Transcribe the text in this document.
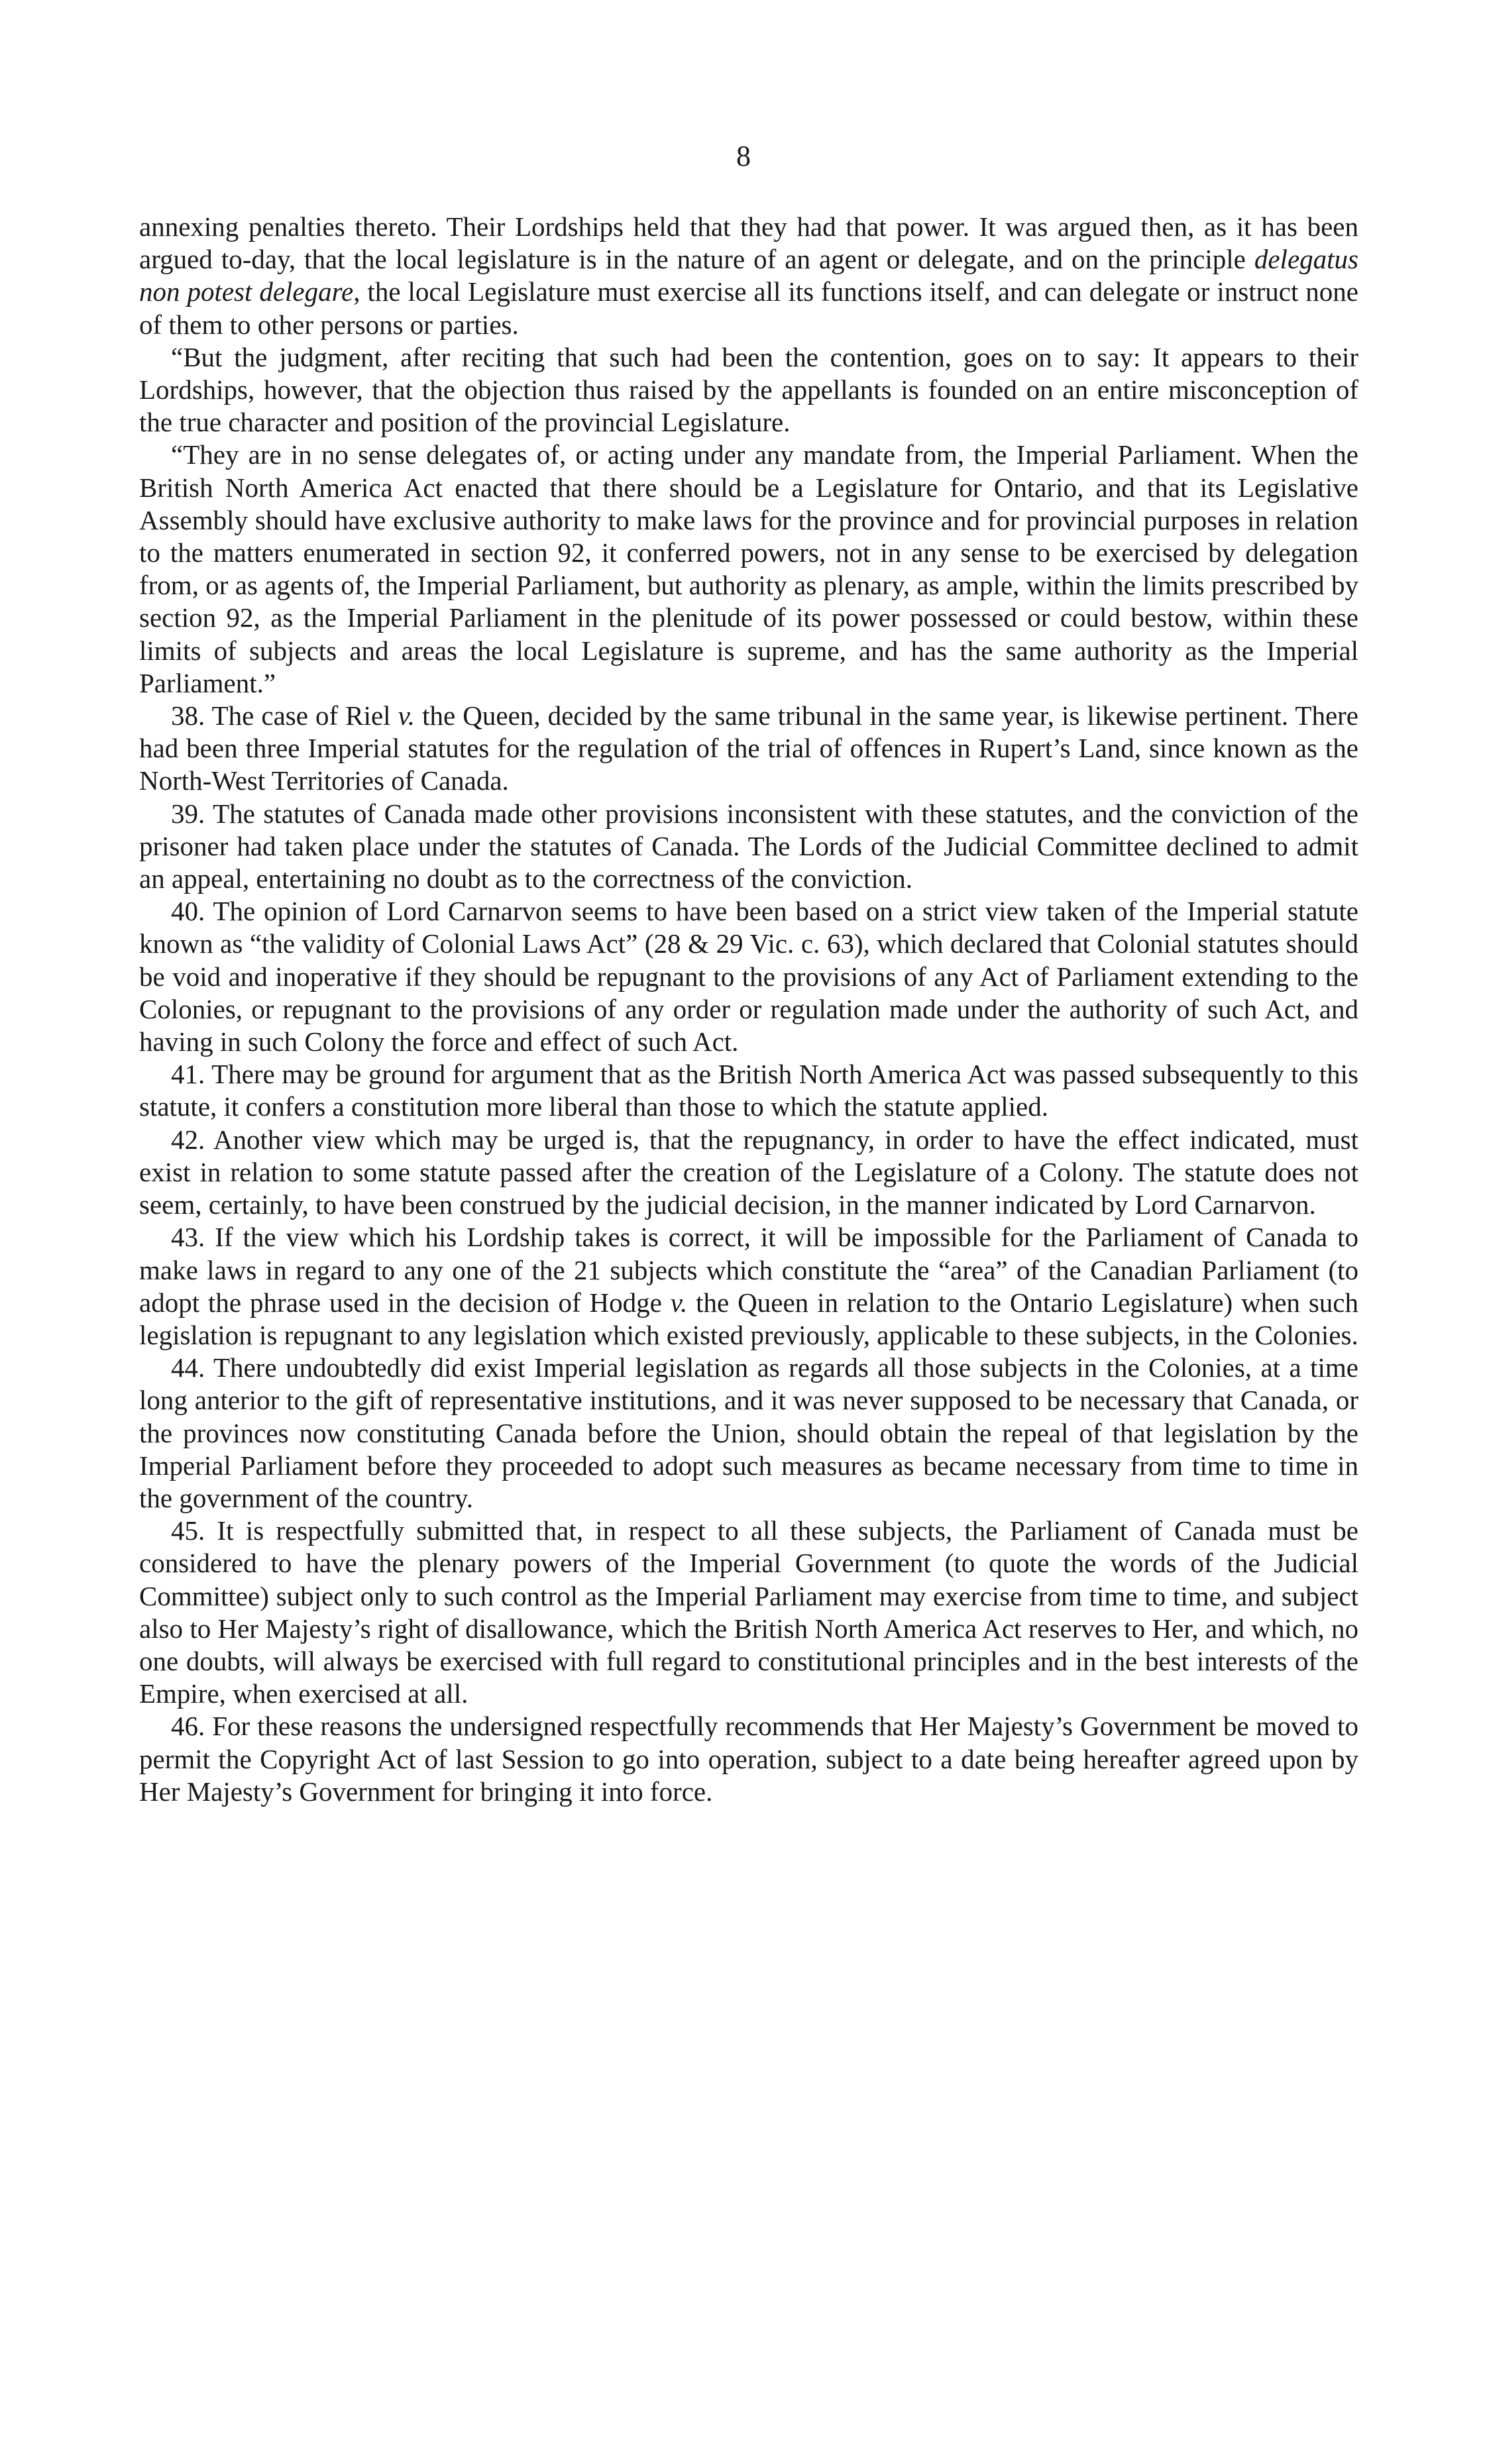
8

annexing penalties thereto. Their Lordships held that they had that power. It was argued then, as it has been argued to-day, that the local legislature is in the nature of an agent or delegate, and on the principle delegatus non potest delegare, the local Legislature must exercise all its functions itself, and can delegate or instruct none of them to other persons or parties.

“But the judgment, after reciting that such had been the contention, goes on to say: It appears to their Lordships, however, that the objection thus raised by the appellants is founded on an entire misconception of the true character and position of the provincial Legislature.

“They are in no sense delegates of, or acting under any mandate from, the Imperial Parliament. When the British North America Act enacted that there should be a Legislature for Ontario, and that its Legislative Assembly should have exclusive authority to make laws for the province and for provincial purposes in relation to the matters enumerated in section 92, it conferred powers, not in any sense to be exercised by delegation from, or as agents of, the Imperial Parliament, but authority as plenary, as ample, within the limits prescribed by section 92, as the Imperial Parliament in the plenitude of its power possessed or could bestow, within these limits of subjects and areas the local Legislature is supreme, and has the same authority as the Imperial Parliament.”

38. The case of Riel v. the Queen, decided by the same tribunal in the same year, is likewise pertinent. There had been three Imperial statutes for the regulation of the trial of offences in Rupert’s Land, since known as the North-West Territories of Canada.

39. The statutes of Canada made other provisions inconsistent with these statutes, and the conviction of the prisoner had taken place under the statutes of Canada. The Lords of the Judicial Committee declined to admit an appeal, entertaining no doubt as to the correctness of the conviction.

40. The opinion of Lord Carnarvon seems to have been based on a strict view taken of the Imperial statute known as “the validity of Colonial Laws Act” (28 & 29 Vic. c. 63), which declared that Colonial statutes should be void and inoperative if they should be repugnant to the provisions of any Act of Parliament extending to the Colonies, or repugnant to the provisions of any order or regulation made under the authority of such Act, and having in such Colony the force and effect of such Act.

41. There may be ground for argument that as the British North America Act was passed subsequently to this statute, it confers a constitution more liberal than those to which the statute applied.

42. Another view which may be urged is, that the repugnancy, in order to have the effect indicated, must exist in relation to some statute passed after the creation of the Legislature of a Colony. The statute does not seem, certainly, to have been construed by the judicial decision, in the manner indicated by Lord Carnarvon.

43. If the view which his Lordship takes is correct, it will be impossible for the Parliament of Canada to make laws in regard to any one of the 21 subjects which constitute the “area” of the Canadian Parliament (to adopt the phrase used in the decision of Hodge v. the Queen in relation to the Ontario Legislature) when such legislation is repugnant to any legislation which existed previously, applicable to these subjects, in the Colonies.

44. There undoubtedly did exist Imperial legislation as regards all those subjects in the Colonies, at a time long anterior to the gift of representative institutions, and it was never supposed to be necessary that Canada, or the provinces now constituting Canada before the Union, should obtain the repeal of that legislation by the Imperial Parliament before they proceeded to adopt such measures as became necessary from time to time in the government of the country.

45. It is respectfully submitted that, in respect to all these subjects, the Parliament of Canada must be considered to have the plenary powers of the Imperial Government (to quote the words of the Judicial Committee) subject only to such control as the Imperial Parliament may exercise from time to time, and subject also to Her Majesty’s right of disallowance, which the British North America Act reserves to Her, and which, no one doubts, will always be exercised with full regard to constitutional principles and in the best interests of the Empire, when exercised at all.

46. For these reasons the undersigned respectfully recommends that Her Majesty’s Government be moved to permit the Copyright Act of last Session to go into operation, subject to a date being hereafter agreed upon by Her Majesty’s Government for bringing it into force.
